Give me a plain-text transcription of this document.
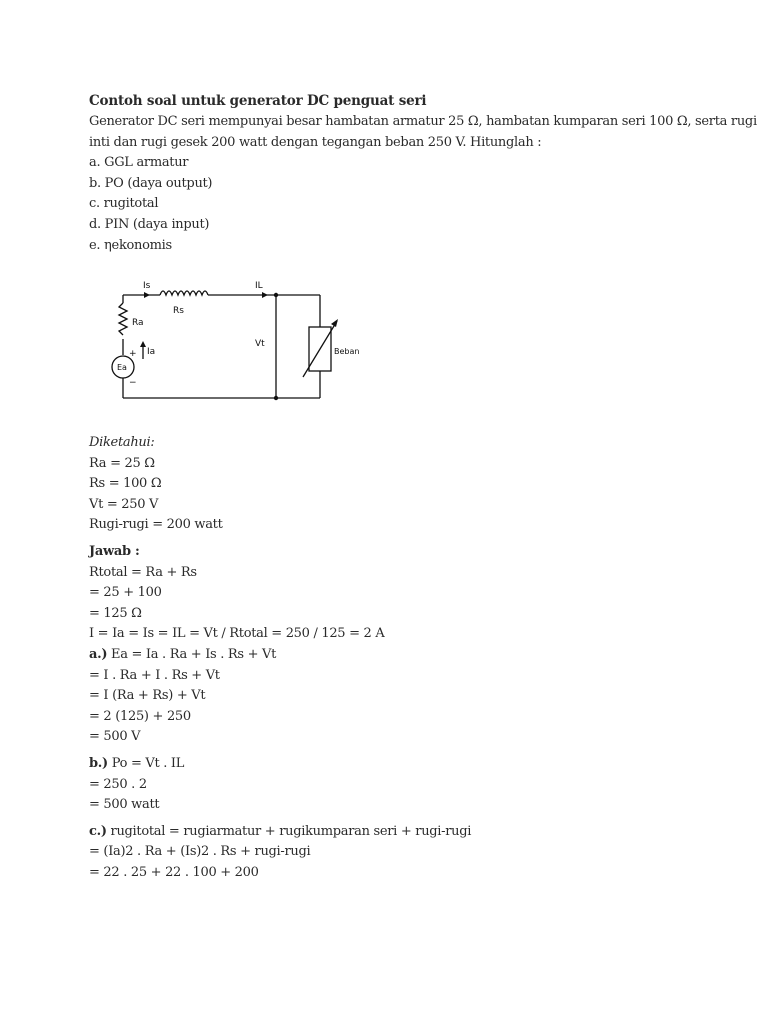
Contoh soal untuk generator DC penguat seri
Generator DC seri mempunyai besar hambatan armatur 25 Ω, hambatan kumparan seri 100 Ω, serta rugi
inti dan rugi gesek 200 watt dengan tegangan beban 250 V. Hitunglah :
a. GGL armatur
b. PO (daya output)
c. rugitotal
d. PIN (daya input)
e. ηekonomis
Is	IL
Rs
Ra
Ia
+
Ea
−
Vt
Beban
Diketahui:
Ra = 25 Ω
Rs = 100 Ω
Vt = 250 V
Rugi-rugi = 200 watt
Jawab :
Rtotal = Ra + Rs
= 25 + 100
= 125 Ω
I = Ia = Is = IL = Vt / Rtotal = 250 / 125 = 2 A
a.) Ea = Ia . Ra + Is . Rs + Vt
= I . Ra + I . Rs + Vt
= I (Ra + Rs) + Vt
= 2 (125) + 250
= 500 V
b.) Po = Vt . IL
= 250 . 2
= 500 watt
c.) rugitotal = rugiarmatur + rugikumparan seri + rugi-rugi
= (Ia)2 . Ra + (Is)2 . Rs + rugi-rugi
= 22 . 25 + 22 . 100 + 200
